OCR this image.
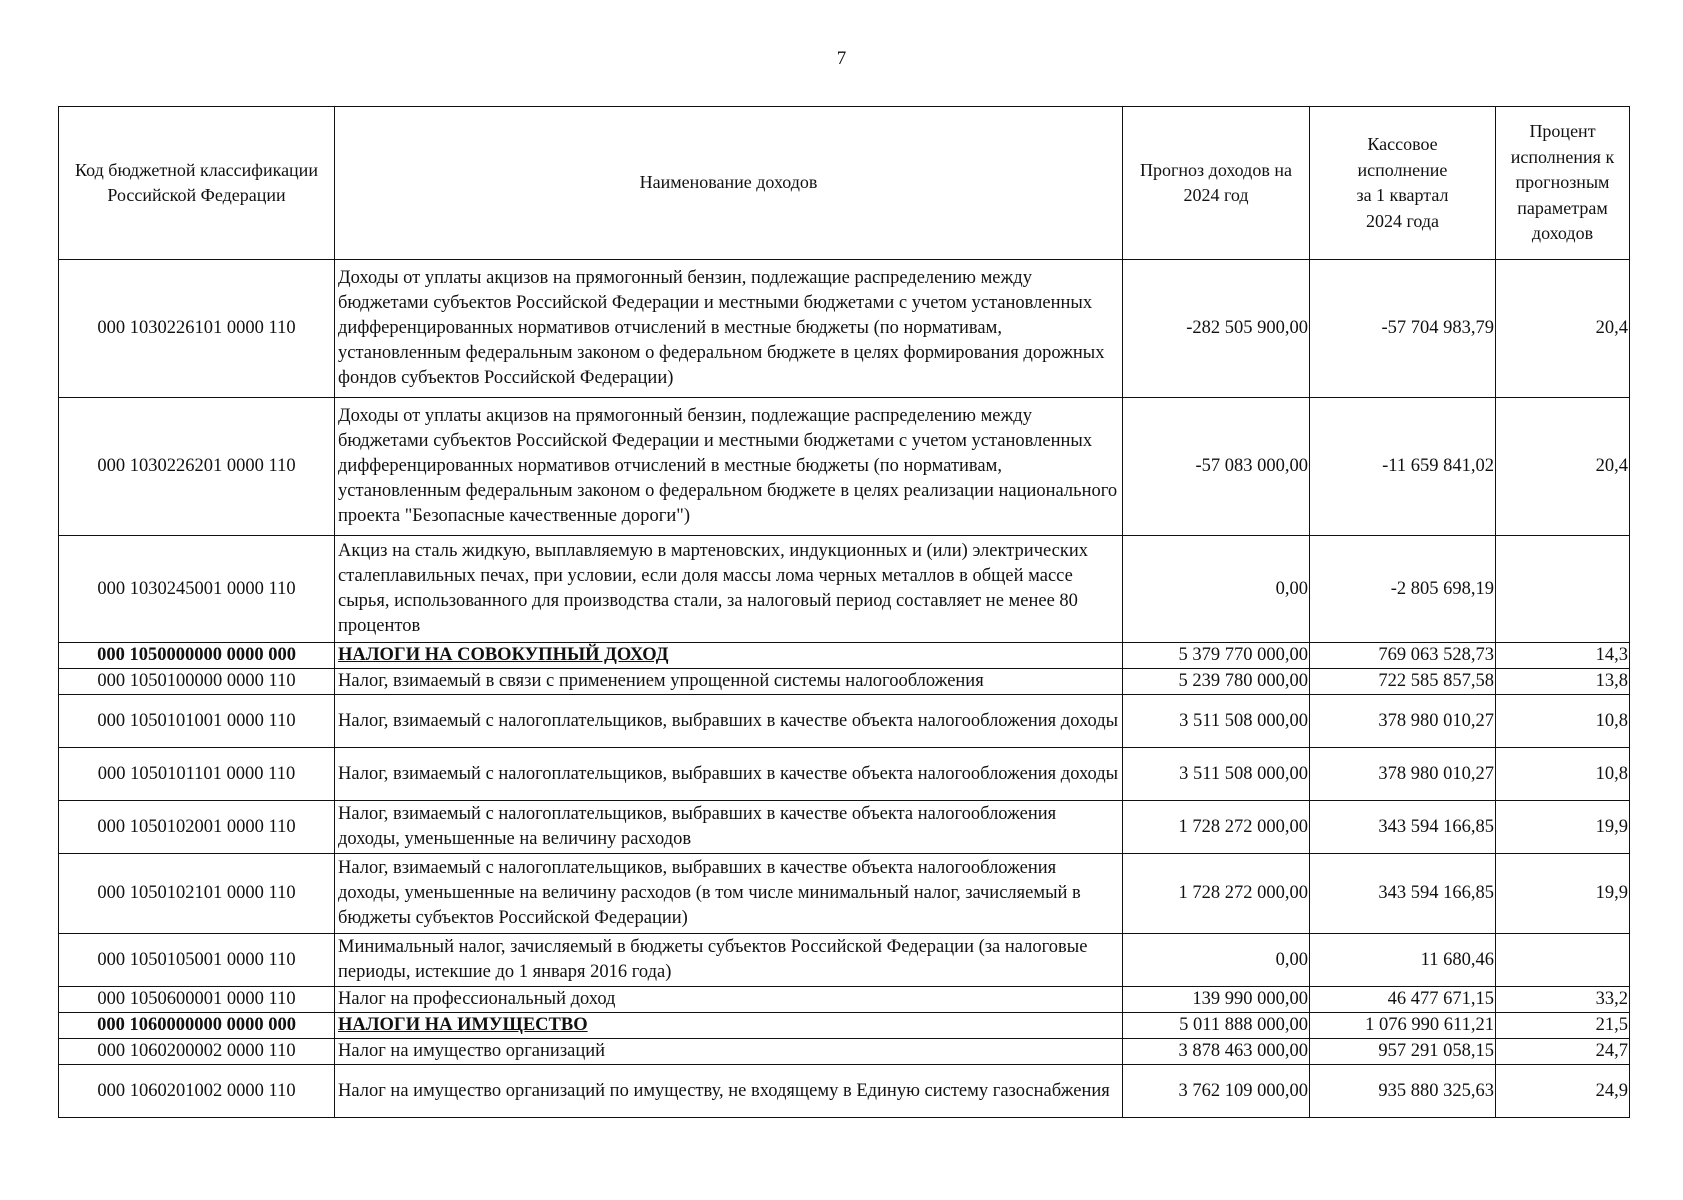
7
Код бюджетной классификации Российской Федерации	Наименование доходов	Прогноз доходов на 2024 год	Кассовое исполнение за 1 квартал 2024 года	Процент исполнения к прогнозным параметрам доходов
000 1030226101 0000 110	Доходы от уплаты акцизов на прямогонный бензин, подлежащие распределению между бюджетами субъектов Российской Федерации и местными бюджетами с учетом установленных дифференцированных нормативов отчислений в местные бюджеты (по нормативам, установленным федеральным законом о федеральном бюджете в целях формирования дорожных фондов субъектов Российской Федерации)	-282 505 900,00	-57 704 983,79	20,4
000 1030226201 0000 110	Доходы от уплаты акцизов на прямогонный бензин, подлежащие распределению между бюджетами субъектов Российской Федерации и местными бюджетами с учетом установленных дифференцированных нормативов отчислений в местные бюджеты (по нормативам, установленным федеральным законом о федеральном бюджете в целях реализации национального проекта "Безопасные качественные дороги")	-57 083 000,00	-11 659 841,02	20,4
000 1030245001 0000 110	Акциз на сталь жидкую, выплавляемую в мартеновских, индукционных и (или) электрических сталеплавильных печах, при условии, если доля массы лома черных металлов в общей массе сырья, использованного для производства стали, за налоговый период составляет не менее 80 процентов	0,00	-2 805 698,19	
000 1050000000 0000 000	НАЛОГИ НА СОВОКУПНЫЙ ДОХОД	5 379 770 000,00	769 063 528,73	14,3
000 1050100000 0000 110	Налог, взимаемый в связи с применением упрощенной системы налогообложения	5 239 780 000,00	722 585 857,58	13,8
000 1050101001 0000 110	Налог, взимаемый с налогоплательщиков, выбравших в качестве объекта налогообложения доходы	3 511 508 000,00	378 980 010,27	10,8
000 1050101101 0000 110	Налог, взимаемый с налогоплательщиков, выбравших в качестве объекта налогообложения доходы	3 511 508 000,00	378 980 010,27	10,8
000 1050102001 0000 110	Налог, взимаемый с налогоплательщиков, выбравших в качестве объекта налогообложения доходы, уменьшенные на величину расходов	1 728 272 000,00	343 594 166,85	19,9
000 1050102101 0000 110	Налог, взимаемый с налогоплательщиков, выбравших в качестве объекта налогообложения доходы, уменьшенные на величину расходов (в том числе минимальный налог, зачисляемый в бюджеты субъектов Российской Федерации)	1 728 272 000,00	343 594 166,85	19,9
000 1050105001 0000 110	Минимальный налог, зачисляемый в бюджеты субъектов Российской Федерации (за налоговые периоды, истекшие до 1 января 2016 года)	0,00	11 680,46	
000 1050600001 0000 110	Налог на профессиональный доход	139 990 000,00	46 477 671,15	33,2
000 1060000000 0000 000	НАЛОГИ НА ИМУЩЕСТВО	5 011 888 000,00	1 076 990 611,21	21,5
000 1060200002 0000 110	Налог на имущество организаций	3 878 463 000,00	957 291 058,15	24,7
000 1060201002 0000 110	Налог на имущество организаций по имуществу, не входящему в Единую систему газоснабжения	3 762 109 000,00	935 880 325,63	24,9
